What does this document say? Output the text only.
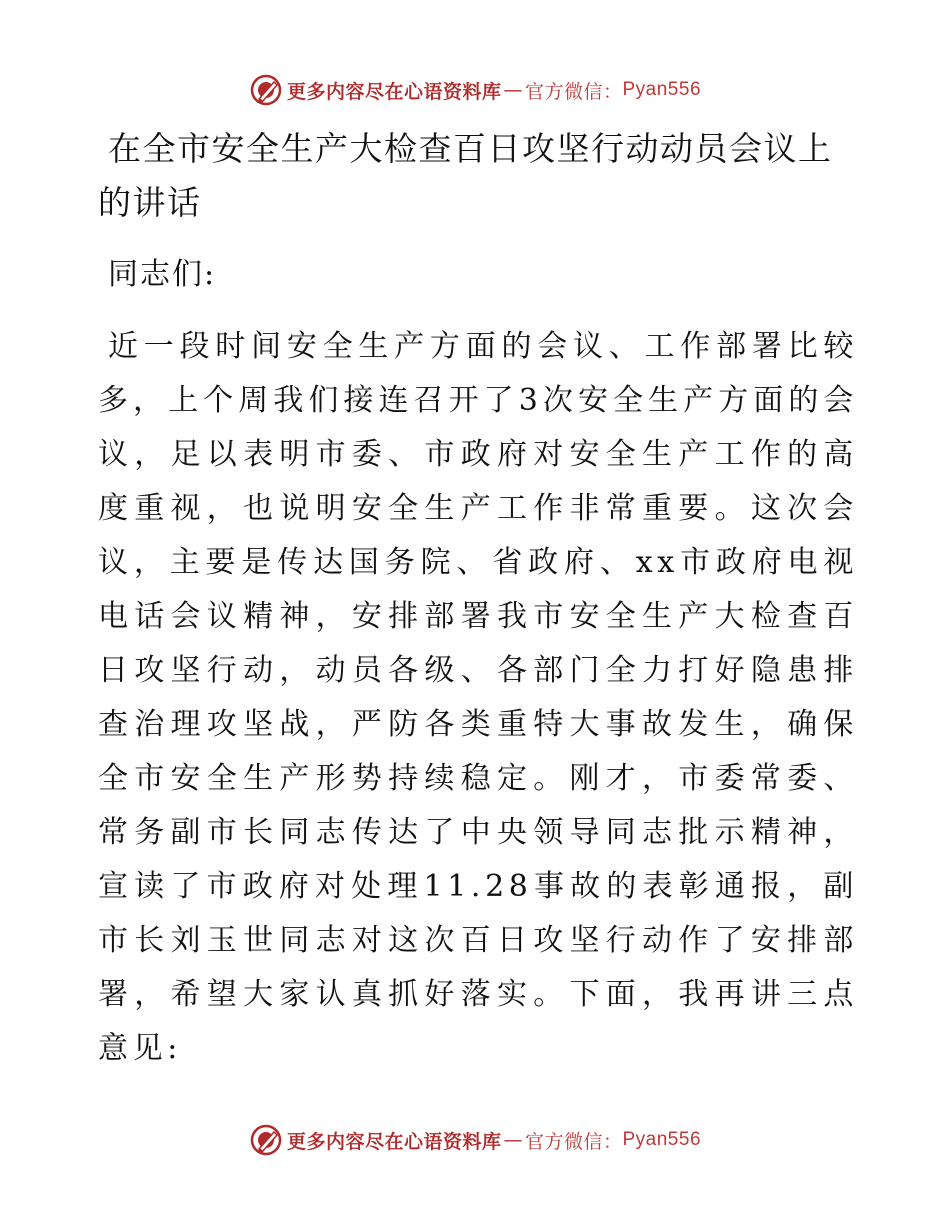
更多内容尽在心语资料库 — 官方微信： Pyan556
在全市安全生产大检查百日攻坚行动动员会议上的讲话

同志们:

近一段时间安全生产方面的会议、工作部署比较多，上个周我们接连召开了3次安全生产方面的会议，足以表明市委、市政府对安全生产工作的高度重视，也说明安全生产工作非常重要。这次会议，主要是传达国务院、省政府、xx市政府电视电话会议精神，安排部署我市安全生产大检查百日攻坚行动，动员各级、各部门全力打好隐患排查治理攻坚战，严防各类重特大事故发生，确保全市安全生产形势持续稳定。刚才，市委常委、常务副市长同志传达了中央领导同志批示精神，宣读了市政府对处理11.28事故的表彰通报，副市长刘玉世同志对这次百日攻坚行动作了安排部署，希望大家认真抓好落实。下面，我再讲三点意见:

更多内容尽在心语资料库 — 官方微信： Pyan556
